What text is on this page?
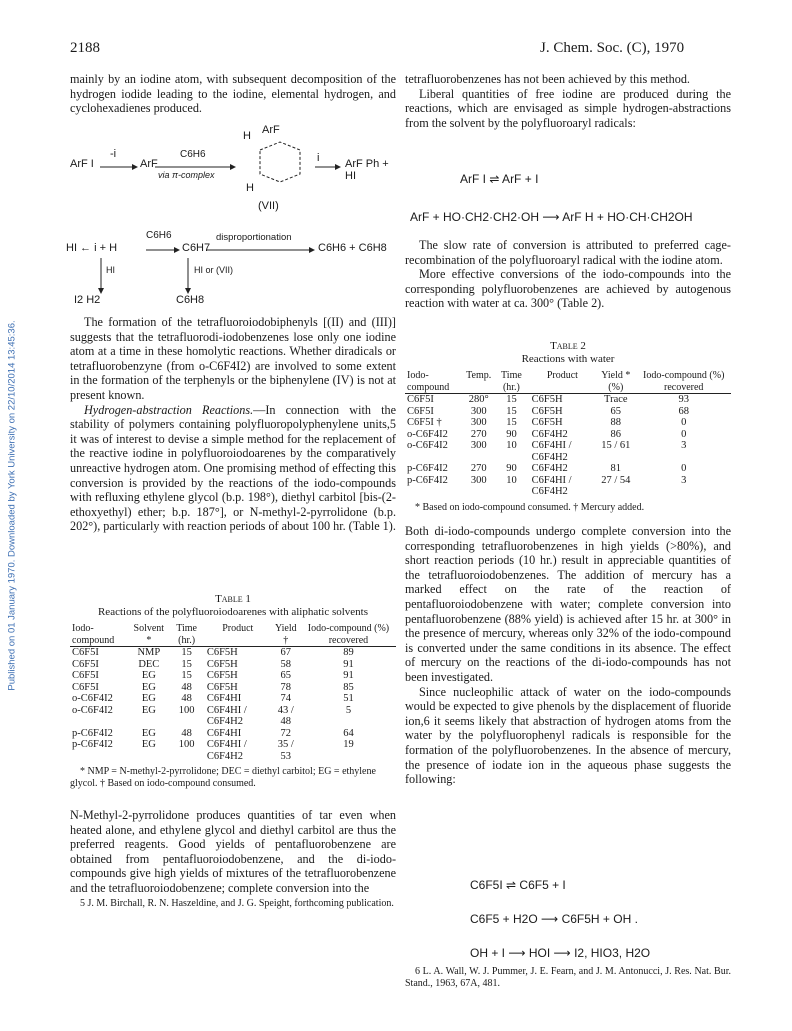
2188	J. Chem. Soc. (C), 1970
Published on 01 January 1970. Downloaded by York University on 22/10/2014 13:45:36.

mainly by an iodine atom, with subsequent decomposition of the hydrogen iodide leading to the iodine, elemental hydrogen, and cyclohexadienes produced.

ArF I
-i
ArF
C6H6
via π-complex
H ArF
H
i ArF Ph + HI
(VII)
HI ← i + H
C6H6
C6H7
disproportionation
C6H6 + C6H8
HI	HI or (VII)
I2 H2	C6H8

The formation of the tetrafluoroiodobiphenyls [(II) and (III)] suggests that the tetrafluorodi-iodobenzenes lose only one iodine atom at a time in these homolytic reactions. Whether diradicals or tetrafluorobenzyne (from o-C6F4I2) are involved to some extent in the formation of the terphenyls or the biphenylene (IV) is not at present known.

Hydrogen-abstraction Reactions.—In connection with the stability of polymers containing polyfluoropolyphenylene units,5 it was of interest to devise a simple method for the replacement of the reactive iodine in polyfluoroiodoarenes by the comparatively unreactive hydrogen atom. One promising method of effecting this conversion is provided by the reactions of the iodo-compounds with refluxing ethylene glycol (b.p. 198°), diethyl carbitol [bis-(2-ethoxyethyl) ether; b.p. 187°], or N-methyl-2-pyrrolidone (b.p. 202°), particularly with reaction periods of about 100 hr. (Table 1).

Table 1
Reactions of the polyfluoroiodoarenes with aliphatic solvents
Iodo-compound	Solvent *	Time (hr.)	Product	Yield †	Iodo-compound (%) recovered
C6F5I	NMP	15	C6F5H	67	89
C6F5I	DEC	15	C6F5H	58	91
C6F5I	EG	15	C6F5H	65	91
C6F5I	EG	48	C6F5H	78	85
o-C6F4I2	EG	48	C6F4HI	74	51
o-C6F4I2	EG	100	C6F4HI / C6F4H2	43 / 48	5
p-C6F4I2	EG	48	C6F4HI	72	64
p-C6F4I2	EG	100	C6F4HI / C6F4H2	35 / 53	19
* NMP = N-methyl-2-pyrrolidone; DEC = diethyl carbitol; EG = ethylene glycol. † Based on iodo-compound consumed.

N-Methyl-2-pyrrolidone produces quantities of tar even when heated alone, and ethylene glycol and diethyl carbitol are thus the preferred reagents. Good yields of pentafluorobenzene are obtained from pentafluoroiodobenzene, and the di-iodo-compounds give high yields of mixtures of the tetrafluorobenzene and the tetrafluoroiodobenzene; complete conversion into the

5 J. M. Birchall, R. N. Haszeldine, and J. G. Speight, forthcoming publication.

tetrafluorobenzenes has not been achieved by this method.

Liberal quantities of free iodine are produced during the reactions, which are envisaged as simple hydrogen-abstractions from the solvent by the polyfluoroaryl radicals:

ArF I ⇌ ArF + I
ArF + HO·CH2·CH2·OH ⟶ ArF H + HO·CH·CH2OH

The slow rate of conversion is attributed to preferred cage-recombination of the polyfluoroaryl radical with the iodine atom.

More effective conversions of the iodo-compounds into the corresponding polyfluorobenzenes are achieved by autogenous reaction with water at ca. 300° (Table 2).

Table 2
Reactions with water
Iodo-compound	Temp.	Time (hr.)	Product	Yield * (%)	Iodo-compound (%) recovered
C6F5I	280°	15	C6F5H	Trace	93
C6F5I	300	15	C6F5H	65	68
C6F5I †	300	15	C6F5H	88	0
o-C6F4I2	270	90	C6F4H2	86	0
o-C6F4I2	300	10	C6F4HI / C6F4H2	15 / 61	3
p-C6F4I2	270	90	C6F4H2	81	0
p-C6F4I2	300	10	C6F4HI / C6F4H2	27 / 54	3
* Based on iodo-compound consumed. † Mercury added.

Both di-iodo-compounds undergo complete conversion into the corresponding tetrafluorobenzenes in high yields (>80%), and short reaction periods (10 hr.) result in appreciable quantities of the tetrafluoroiodobenzenes. The addition of mercury has a marked effect on the rate of the reaction of pentafluoroiodobenzene with water; complete conversion into pentafluorobenzene (88% yield) is achieved after 15 hr. at 300° in the presence of mercury, whereas only 32% of the iodo-compound is converted under the same conditions in its absence. The effect of mercury on the reactions of the di-iodo-compounds has not been investigated.

Since nucleophilic attack of water on the iodo-compounds would be expected to give phenols by the displacement of fluoride ion,6 it seems likely that abstraction of hydrogen atoms from the water by the polyfluorophenyl radicals is responsible for the formation of the polyfluorobenzenes. In the absence of mercury, the presence of iodate ion in the aqueous phase suggests the following:

C6F5I ⇌ C6F5 + I
C6F5 + H2O ⟶ C6F5H + OH .
OH + I ⟶ HOI ⟶ I2, HIO3, H2O
6 L. A. Wall, W. J. Pummer, J. E. Fearn, and J. M. Antonucci, J. Res. Nat. Bur. Stand., 1963, 67A, 481.
